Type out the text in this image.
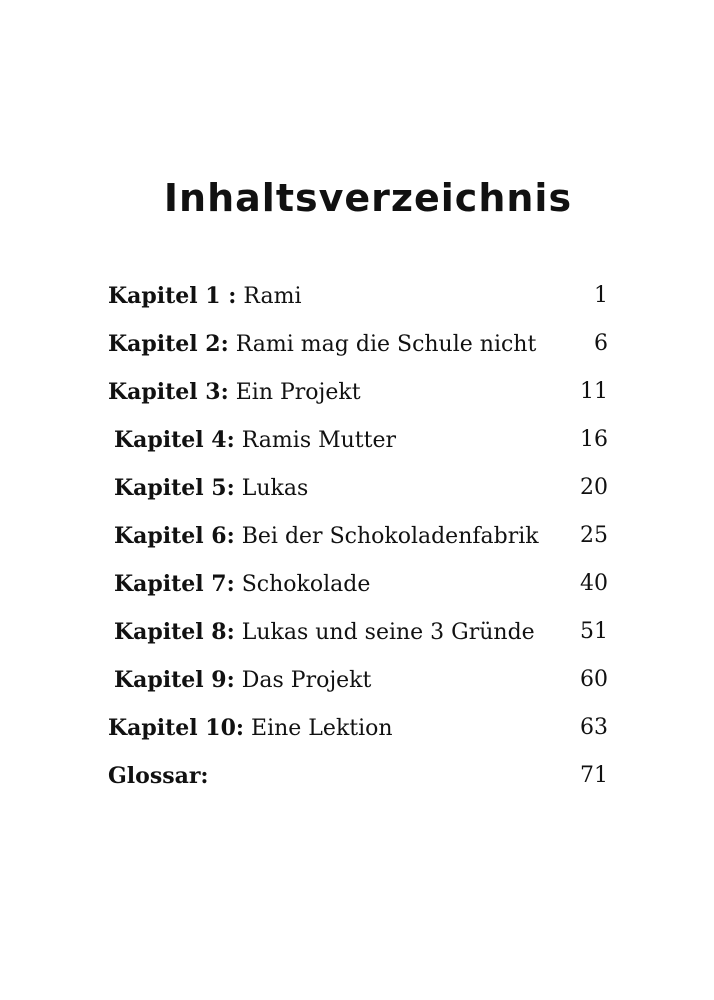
Inhaltsverzeichnis
Kapitel 1 : Rami	1
Kapitel 2: Rami mag die Schule nicht	6
Kapitel 3: Ein Projekt	11
Kapitel 4: Ramis Mutter	16
Kapitel 5: Lukas	20
Kapitel 6: Bei der Schokoladenfabrik 25
Kapitel 7: Schokolade	40
Kapitel 8: Lukas und seine 3 Gründe 51
Kapitel 9: Das Projekt	60
Kapitel 10: Eine Lektion	63
Glossar:	71
